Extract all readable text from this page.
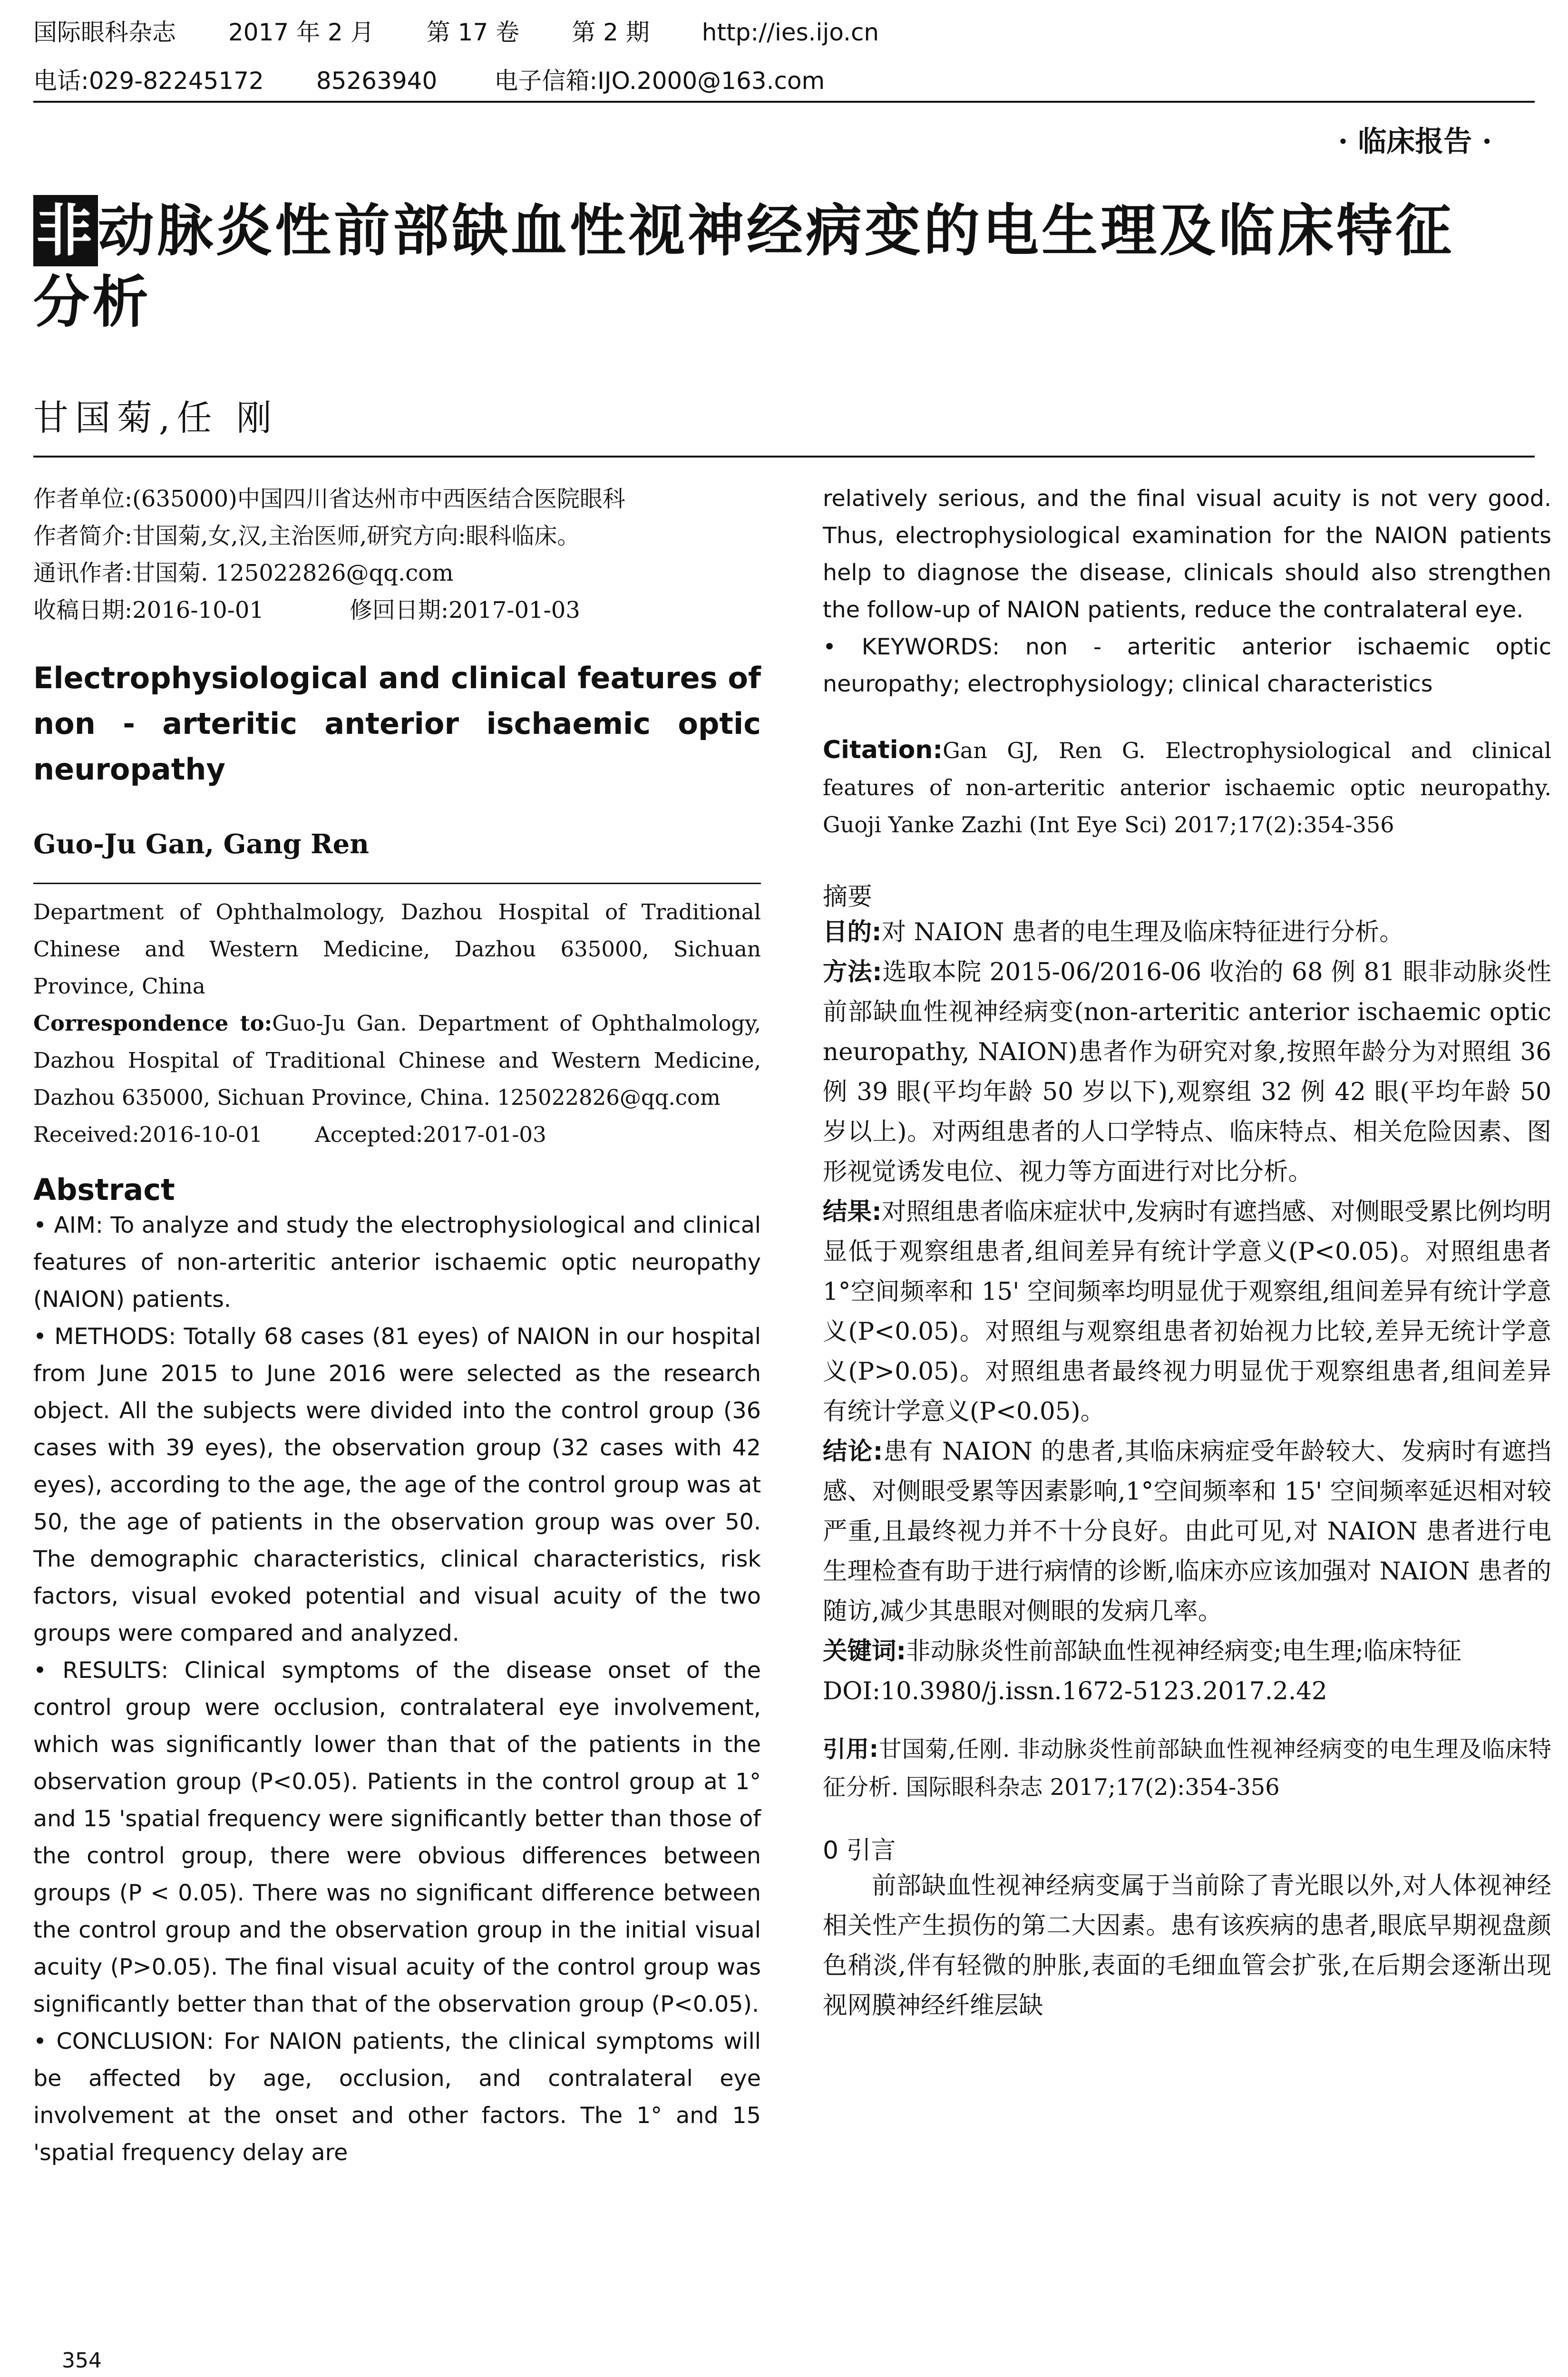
国际眼科杂志 2017 年 2 月 第 17 卷 第 2 期 http://ies.ijo.cn
电话:029-82245172 85263940 电子信箱:IJO.2000@163.com
· 临床报告 ·
非动脉炎性前部缺血性视神经病变的电生理及临床特征
分析
甘国菊,任 刚
作者单位:(635000)中国四川省达州市中西医结合医院眼科
作者简介:甘国菊,女,汉,主治医师,研究方向:眼科临床。
通讯作者:甘国菊. 125022826@qq.com
收稿日期:2016-10-01	修回日期:2017-01-03
Electrophysiological and clinical features of non - arteritic anterior ischaemic optic neuropathy
Guo-Ju Gan, Gang Ren
Department of Ophthalmology, Dazhou Hospital of Traditional Chinese and Western Medicine, Dazhou 635000, Sichuan Province, China
Correspondence to:Guo-Ju Gan. Department of Ophthalmology, Dazhou Hospital of Traditional Chinese and Western Medicine, Dazhou 635000, Sichuan Province, China. 125022826@qq.com
Received:2016-10-01 Accepted:2017-01-03
Abstract

• AIM: To analyze and study the electrophysiological and clinical features of non-arteritic anterior ischaemic optic neuropathy (NAION) patients.

• METHODS: Totally 68 cases (81 eyes) of NAION in our hospital from June 2015 to June 2016 were selected as the research object. All the subjects were divided into the control group (36 cases with 39 eyes), the observation group (32 cases with 42 eyes), according to the age, the age of the control group was at 50, the age of patients in the observation group was over 50. The demographic characteristics, clinical characteristics, risk factors, visual evoked potential and visual acuity of the two groups were compared and analyzed.

• RESULTS: Clinical symptoms of the disease onset of the control group were occlusion, contralateral eye involvement, which was significantly lower than that of the patients in the observation group (P<0.05). Patients in the control group at 1° and 15 'spatial frequency were significantly better than those of the control group, there were obvious differences between groups (P < 0.05). There was no significant difference between the control group and the observation group in the initial visual acuity (P>0.05). The final visual acuity of the control group was significantly better than that of the observation group (P<0.05).

• CONCLUSION: For NAION patients, the clinical symptoms will be affected by age, occlusion, and contralateral eye involvement at the onset and other factors. The 1° and 15 'spatial frequency delay are

relatively serious, and the final visual acuity is not very good. Thus, electrophysiological examination for the NAION patients help to diagnose the disease, clinicals should also strengthen the follow-up of NAION patients, reduce the contralateral eye.

• KEYWORDS: non - arteritic anterior ischaemic optic neuropathy; electrophysiology; clinical characteristics

Citation:Gan GJ, Ren G. Electrophysiological and clinical features of non-arteritic anterior ischaemic optic neuropathy. Guoji Yanke Zazhi (Int Eye Sci) 2017;17(2):354-356

摘要

目的:对 NAION 患者的电生理及临床特征进行分析。

方法:选取本院 2015-06/2016-06 收治的 68 例 81 眼非动脉炎性前部缺血性视神经病变(non-arteritic anterior ischaemic optic neuropathy, NAION)患者作为研究对象,按照年龄分为对照组 36 例 39 眼(平均年龄 50 岁以下),观察组 32 例 42 眼(平均年龄 50 岁以上)。对两组患者的人口学特点、临床特点、相关危险因素、图形视觉诱发电位、视力等方面进行对比分析。

结果:对照组患者临床症状中,发病时有遮挡感、对侧眼受累比例均明显低于观察组患者,组间差异有统计学意义(P<0.05)。对照组患者 1°空间频率和 15' 空间频率均明显优于观察组,组间差异有统计学意义(P<0.05)。对照组与观察组患者初始视力比较,差异无统计学意义(P>0.05)。对照组患者最终视力明显优于观察组患者,组间差异有统计学意义(P<0.05)。

结论:患有 NAION 的患者,其临床病症受年龄较大、发病时有遮挡感、对侧眼受累等因素影响,1°空间频率和 15' 空间频率延迟相对较严重,且最终视力并不十分良好。由此可见,对 NAION 患者进行电生理检查有助于进行病情的诊断,临床亦应该加强对 NAION 患者的随访,减少其患眼对侧眼的发病几率。

关键词:非动脉炎性前部缺血性视神经病变;电生理;临床特征

DOI:10.3980/j.issn.1672-5123.2017.2.42

引用:甘国菊,任刚. 非动脉炎性前部缺血性视神经病变的电生理及临床特征分析. 国际眼科杂志 2017;17(2):354-356

0 引言

前部缺血性视神经病变属于当前除了青光眼以外,对人体视神经相关性产生损伤的第二大因素。患有该疾病的患者,眼底早期视盘颜色稍淡,伴有轻微的肿胀,表面的毛细血管会扩张,在后期会逐渐出现视网膜神经纤维层缺

354
